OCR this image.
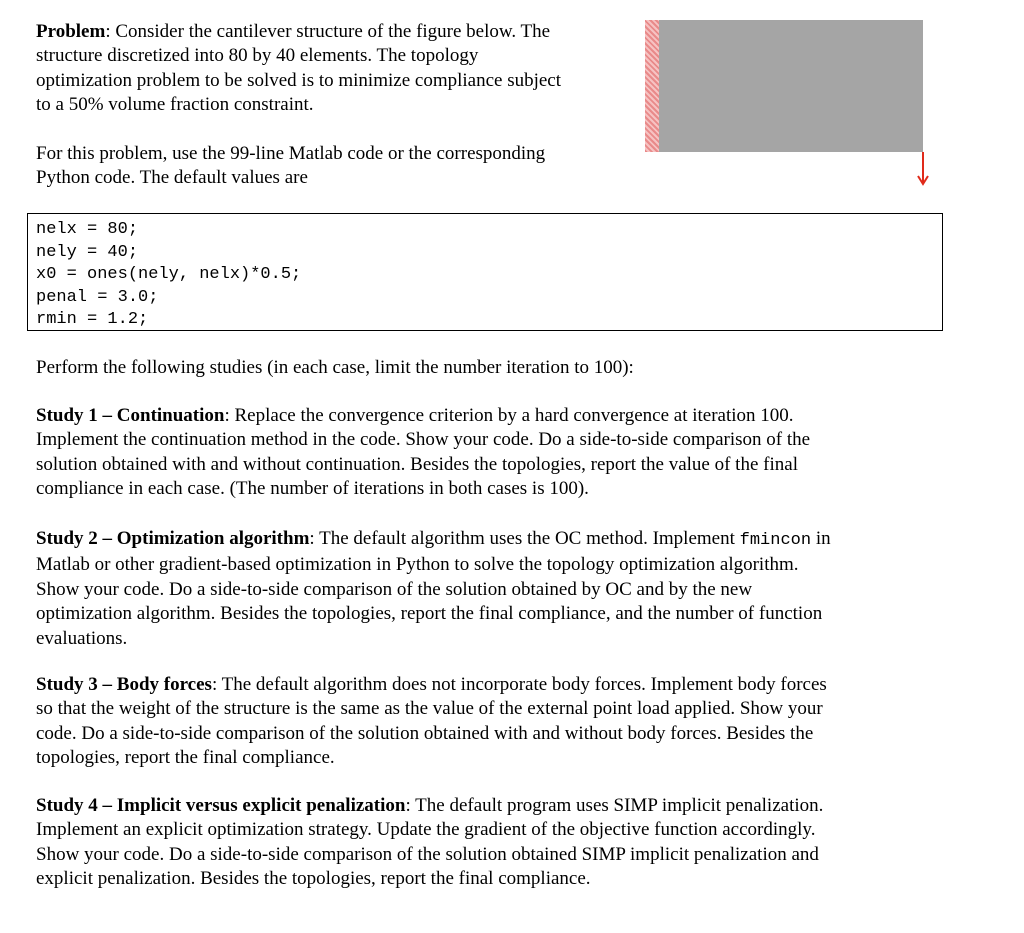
Problem: Consider the cantilever structure of the figure below. The
structure discretized into 80 by 40 elements. The topology
optimization problem to be solved is to minimize compliance subject
to a 50% volume fraction constraint.
For this problem, use the 99-line Matlab code or the corresponding
Python code. The default values are
nelx = 80;
nely = 40;
x0 = ones(nely, nelx)*0.5;
penal = 3.0;
rmin = 1.2;
Perform the following studies (in each case, limit the number iteration to 100):
Study 1 – Continuation: Replace the convergence criterion by a hard convergence at iteration 100.
Implement the continuation method in the code. Show your code. Do a side-to-side comparison of the
solution obtained with and without continuation. Besides the topologies, report the value of the final
compliance in each case. (The number of iterations in both cases is 100).
Study 2 – Optimization algorithm: The default algorithm uses the OC method. Implement fmincon in
Matlab or other gradient-based optimization in Python to solve the topology optimization algorithm.
Show your code. Do a side-to-side comparison of the solution obtained by OC and by the new
optimization algorithm. Besides the topologies, report the final compliance, and the number of function
evaluations.
Study 3 – Body forces: The default algorithm does not incorporate body forces. Implement body forces
so that the weight of the structure is the same as the value of the external point load applied. Show your
code. Do a side-to-side comparison of the solution obtained with and without body forces. Besides the
topologies, report the final compliance.
Study 4 – Implicit versus explicit penalization: The default program uses SIMP implicit penalization.
Implement an explicit optimization strategy. Update the gradient of the objective function accordingly.
Show your code. Do a side-to-side comparison of the solution obtained SIMP implicit penalization and
explicit penalization. Besides the topologies, report the final compliance.
